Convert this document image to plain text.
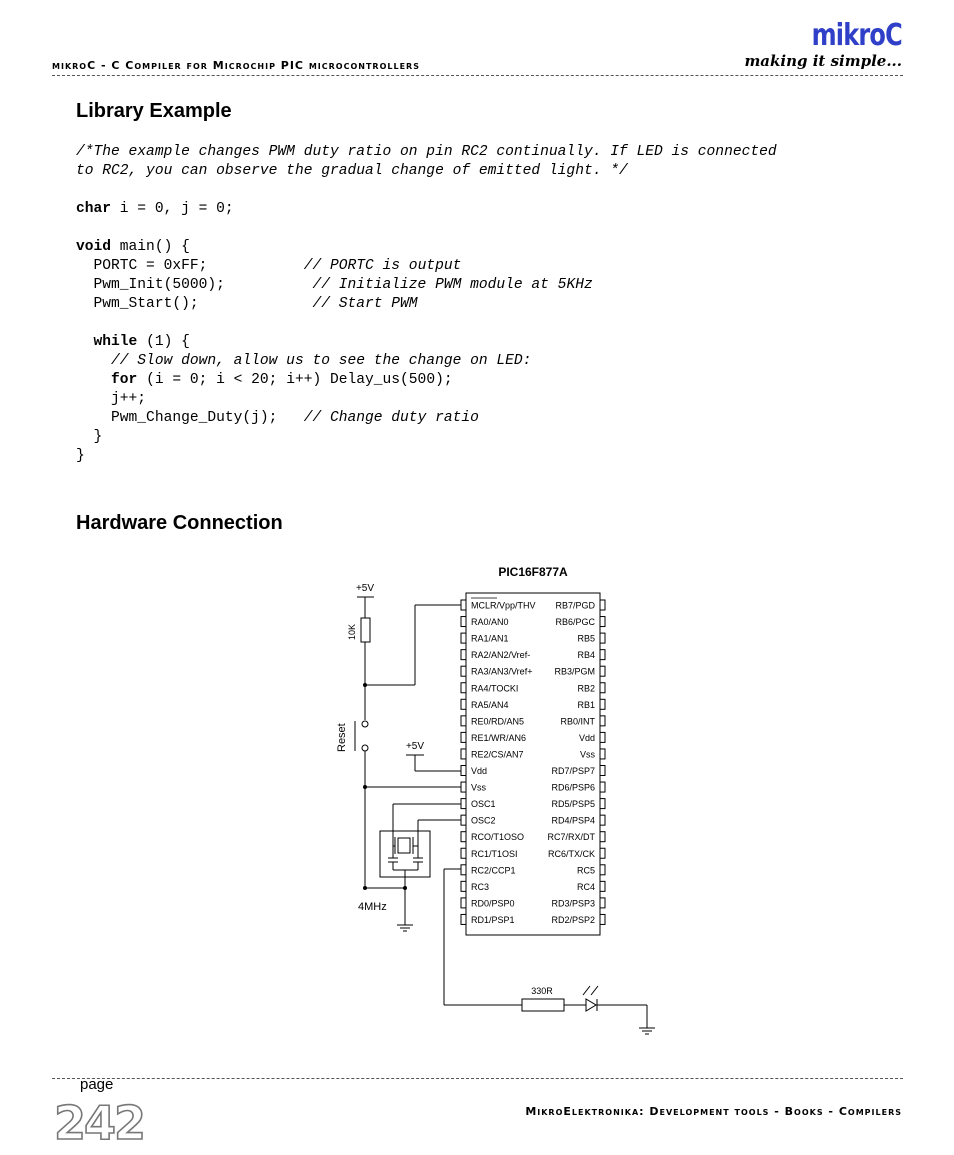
mikroC - C Compiler for Microchip PIC microcontrollers
mikroC
making it simple...
Library Example
/*The example changes PWM duty ratio on pin RC2 continually. If LED is connected
to RC2, you can observe the gradual change of emitted light. */

char i = 0, j = 0;

void main() {
PORTC = 0xFF;	// PORTC is output
Pwm_Init(5000);	// Initialize PWM module at 5KHz
Pwm_Start();	// Start PWM

while (1) {
// Slow down, allow us to see the change on LED:
for (i = 0; i < 20; i++) Delay_us(500);
j++;
Pwm_Change_Duty(j); // Change duty ratio
}
}
Hardware Connection
PIC16F877A
+5V
+5V
10K
Reset
4MHz
330R
MCLR/Vpp/THV
RA0/AN0
RA1/AN1
RA2/AN2/Vref-
RA3/AN3/Vref+
RA4/TOCKI
RA5/AN4
RE0/RD/AN5
RE1/WR/AN6
RE2/CS/AN7
Vdd
Vss
OSC1
OSC2
RCO/T1OSO
RC1/T1OSI
RC2/CCP1
RC3
RD0/PSP0
RD1/PSP1
RB7/PGD
RB6/PGC
RB5
RB4
RB3/PGM
RB2
RB1
RB0/INT
Vdd
Vss
RD7/PSP7
RD6/PSP6
RD5/PSP5
RD4/PSP4
RC7/RX/DT
RC6/TX/CK
RC5
RC4
RD3/PSP3
RD2/PSP2
page
242	MikroElektronika: Development tools - Books - Compilers
